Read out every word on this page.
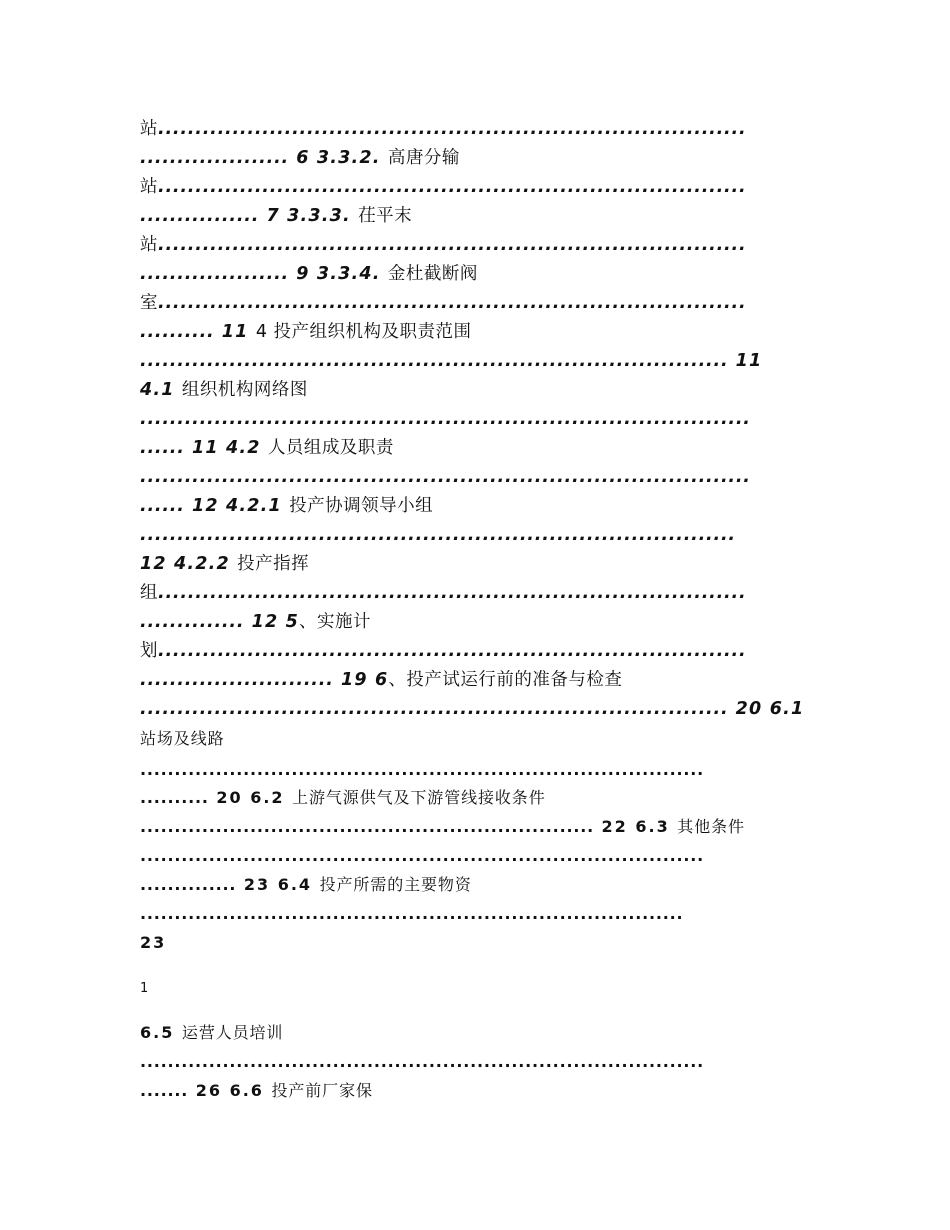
站...............................................................................
.................... 6 3.3.2. 高唐分输
站...............................................................................
................ 7 3.3.3. 茌平末
站...............................................................................
.................... 9 3.3.4. 金杜截断阀
室...............................................................................
.......... 11 4 投产组织机构及职责范围
............................................................................... 11
4.1 组织机构网络图
..................................................................................
...... 11 4.2 人员组成及职责
..................................................................................
...... 12 4.2.1 投产协调领导小组
................................................................................
12 4.2.2 投产指挥
组...............................................................................
.............. 12 5、实施计
划...............................................................................
.......................... 19 6、投产试运行前的准备与检查
............................................................................... 20 6.1
站场及线路
..................................................................................
.......... 20 6.2 上游气源供气及下游管线接收条件
.................................................................. 22 6.3 其他条件
..................................................................................
.............. 23 6.4 投产所需的主要物资
...............................................................................
23
1
6.5 运营人员培训
..................................................................................
....... 26 6.6 投产前厂家保
